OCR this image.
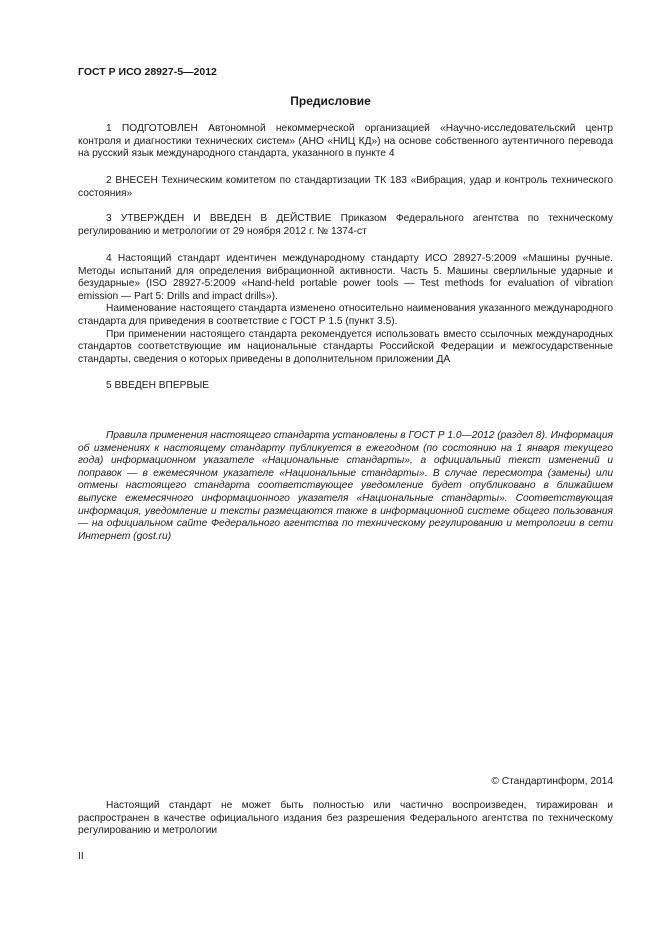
ГОСТ Р ИСО 28927-5—2012
Предисловие

1 ПОДГОТОВЛЕН Автономной некоммерческой организацией «Научно-исследовательский центр контроля и диагностики технических систем» (АНО «НИЦ КД») на основе собственного аутентичного перевода на русский язык международного стандарта, указанного в пункте 4

2 ВНЕСЕН Техническим комитетом по стандартизации ТК 183 «Вибрация, удар и контроль технического состояния»

3 УТВЕРЖДЕН И ВВЕДЕН В ДЕЙСТВИЕ Приказом Федерального агентства по техническому регулированию и метрологии от 29 ноября 2012 г. № 1374-ст

4 Настоящий стандарт идентичен международному стандарту ИСО 28927-5:2009 «Машины ручные. Методы испытаний для определения вибрационной активности. Часть 5. Машины сверлильные ударные и безударные» (ISO 28927-5:2009 «Hand-held portable power tools — Test methods for evaluation of vibration emission — Part 5: Drills and impact drills»).

Наименование настоящего стандарта изменено относительно наименования указанного международного стандарта для приведения в соответствие с ГОСТ Р 1.5 (пункт 3.5).

При применении настоящего стандарта рекомендуется использовать вместо ссылочных международных стандартов соответствующие им национальные стандарты Российской Федерации и межгосударственные стандарты, сведения о которых приведены в дополнительном приложении ДА

5 ВВЕДЕН ВПЕРВЫЕ

Правила применения настоящего стандарта установлены в ГОСТ Р 1.0—2012 (раздел 8). Информация об изменениях к настоящему стандарту публикуется в ежегодном (по состоянию на 1 января текущего года) информационном указателе «Национальные стандарты», а официальный текст изменений и поправок — в ежемесячном указателе «Национальные стандарты». В случае пересмотра (замены) или отмены настоящего стандарта соответствующее уведомление будет опубликовано в ближайшем выпуске ежемесячного информационного указателя «Национальные стандарты». Соответствующая информация, уведомление и тексты размещаются также в информационной системе общего пользования — на официальном сайте Федерального агентства по техническому регулированию и метрологии в сети Интернет (gost.ru)

© Стандартинформ, 2014

Настоящий стандарт не может быть полностью или частично воспроизведен, тиражирован и распространен в качестве официального издания без разрешения Федерального агентства по техническому регулированию и метрологии

II
